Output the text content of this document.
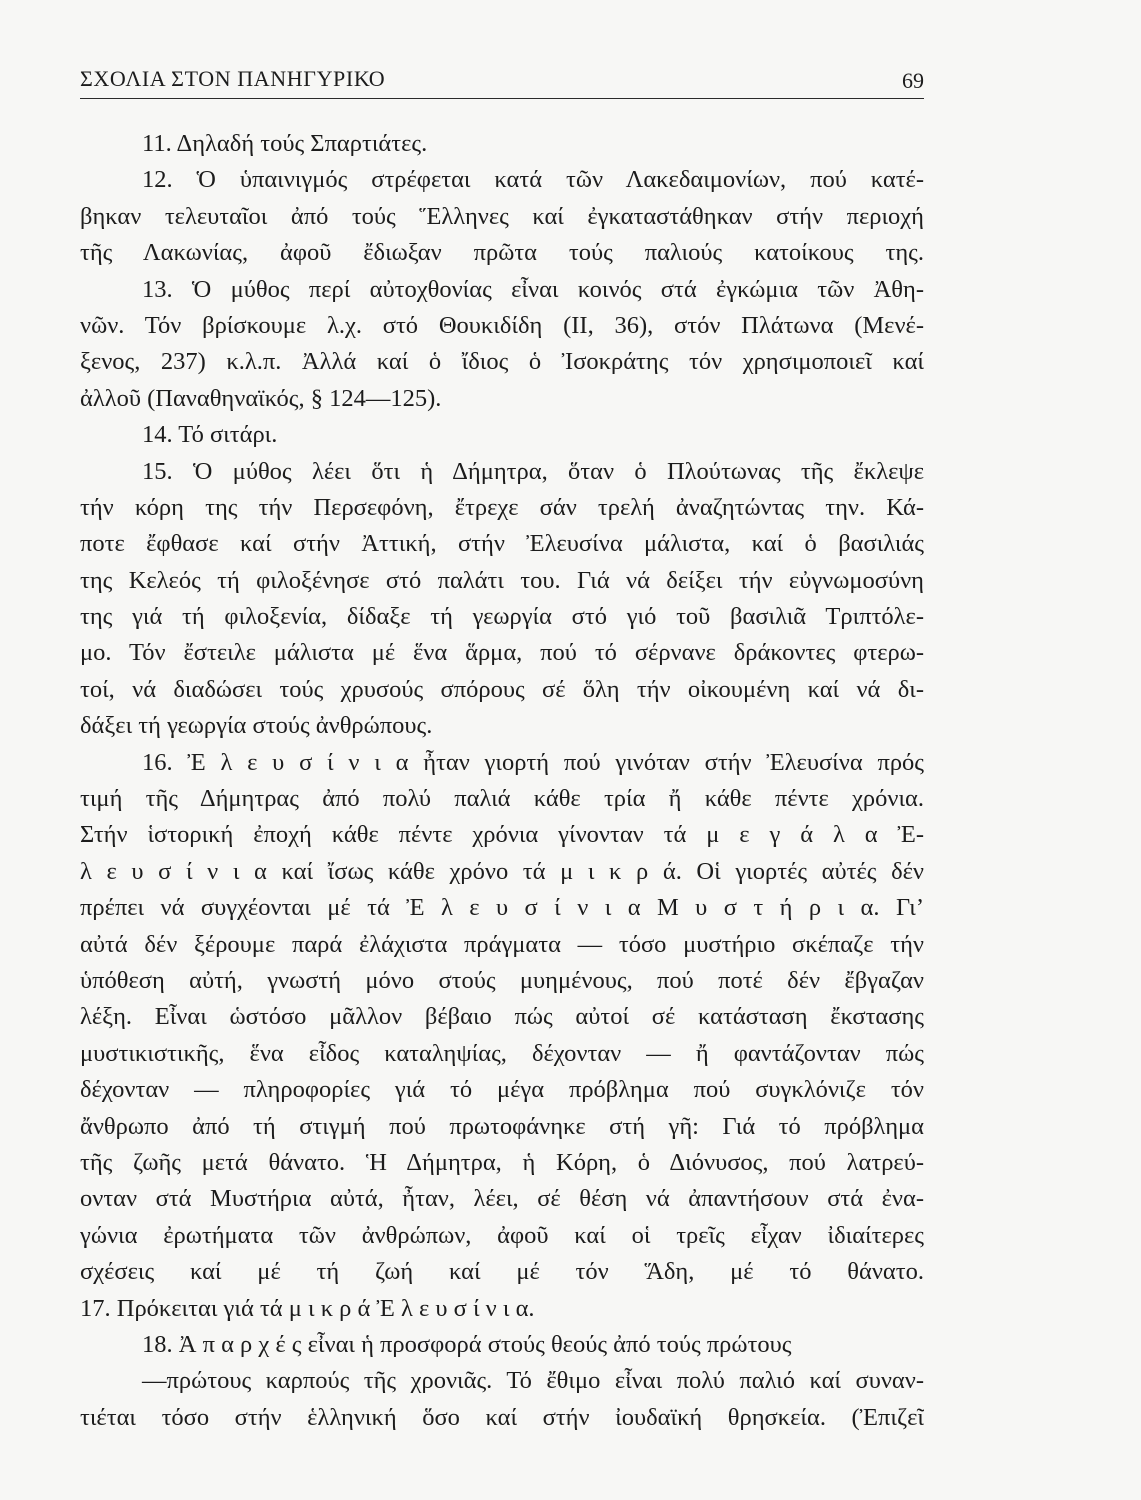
ΣΧΟΛΙΑ ΣΤΟΝ ΠΑΝΗΓΥΡΙΚΟ	69
11. Δηλαδή τούς Σπαρτιάτες.
12. Ὁ ὑπαινιγμός στρέφεται κατά τῶν Λακεδαιμονίων, πού κατέ-
βηκαν τελευταῖοι ἀπό τούς Ἕλληνες καί ἐγκαταστάθηκαν στήν περιοχή
τῆς Λακωνίας, ἀφοῦ ἔδιωξαν πρῶτα τούς παλιούς κατοίκους της.
13. Ὁ μύθος περί αὐτοχθονίας εἶναι κοινός στά ἐγκώμια τῶν Ἀθη-
νῶν. Τόν βρίσκουμε λ.χ. στό Θουκιδίδη (ΙΙ, 36), στόν Πλάτωνα (Μενέ-
ξενος, 237) κ.λ.π. Ἀλλά καί ὁ ἴδιος ὁ Ἰσοκράτης τόν χρησιμοποιεῖ καί
ἀλλοῦ (Παναθηναϊκός, § 124—125).
14. Τό σιτάρι.
15. Ὁ μύθος λέει ὅτι ἡ Δήμητρα, ὅταν ὁ Πλούτωνας τῆς ἔκλεψε
τήν κόρη της τήν Περσεφόνη, ἔτρεχε σάν τρελή ἀναζητώντας την. Κά-
ποτε ἔφθασε καί στήν Ἀττική, στήν Ἐλευσίνα μάλιστα, καί ὁ βασιλιάς
της Κελεός τή φιλοξένησε στό παλάτι του. Γιά νά δείξει τήν εὐγνωμοσύνη
της γιά τή φιλοξενία, δίδαξε τή γεωργία στό γιό τοῦ βασιλιᾶ Τριπτόλε-
μο. Τόν ἔστειλε μάλιστα μέ ἕνα ἅρμα, πού τό σέρνανε δράκοντες φτερω-
τοί, νά διαδώσει τούς χρυσούς σπόρους σέ ὅλη τήν οἰκουμένη καί νά δι-
δάξει τή γεωργία στούς ἀνθρώπους.
16. Ἐ λ ε υ σ ί ν ι α ἦταν γιορτή πού γινόταν στήν Ἐλευσίνα πρός
τιμή τῆς Δήμητρας ἀπό πολύ παλιά κάθε τρία ἤ κάθε πέντε χρόνια.
Στήν ἱστορική ἐποχή κάθε πέντε χρόνια γίνονταν τά μ ε γ ά λ α Ἐ-
λ ε υ σ ί ν ι α καί ἴσως κάθε χρόνο τά μ ι κ ρ ά. Οἱ γιορτές αὐτές δέν
πρέπει νά συγχέονται μέ τά Ἐ λ ε υ σ ί ν ι α Μ υ σ τ ή ρ ι α. Γι’
αὐτά δέν ξέρουμε παρά ἐλάχιστα πράγματα — τόσο μυστήριο σκέπαζε τήν
ὑπόθεση αὐτή, γνωστή μόνο στούς μυημένους, πού ποτέ δέν ἔβγαζαν
λέξη. Εἶναι ὡστόσο μᾶλλον βέβαιο πώς αὐτοί σέ κατάσταση ἔκστασης
μυστικιστικῆς, ἕνα εἶδος καταληψίας, δέχονταν — ἤ φαντάζονταν πώς
δέχονταν — πληροφορίες γιά τό μέγα πρόβλημα πού συγκλόνιζε τόν
ἄνθρωπο ἀπό τή στιγμή πού πρωτοφάνηκε στή γῆ: Γιά τό πρόβλημα
τῆς ζωῆς μετά θάνατο. Ἡ Δήμητρα, ἡ Κόρη, ὁ Διόνυσος, πού λατρεύ-
ονταν στά Μυστήρια αὐτά, ἦταν, λέει, σέ θέση νά ἀπαντήσουν στά ἐνα-
γώνια ἐρωτήματα τῶν ἀνθρώπων, ἀφοῦ καί οἱ τρεῖς εἶχαν ἰδιαίτερες
σχέσεις καί μέ τή ζωή καί μέ τόν Ἅδη, μέ τό θάνατο.
17. Πρόκειται γιά τά μ ι κ ρ ά Ἐ λ ε υ σ ί ν ι α.
18. Ἀ π α ρ χ έ ς εἶναι ἡ προσφορά στούς θεούς ἀπό τούς πρώτους
—πρώτους καρπούς τῆς χρονιᾶς. Τό ἔθιμο εἶναι πολύ παλιό καί συναν-
τιέται τόσο στήν ἑλληνική ὅσο καί στήν ἰουδαϊκή θρησκεία. (Ἐπιζεῖ
